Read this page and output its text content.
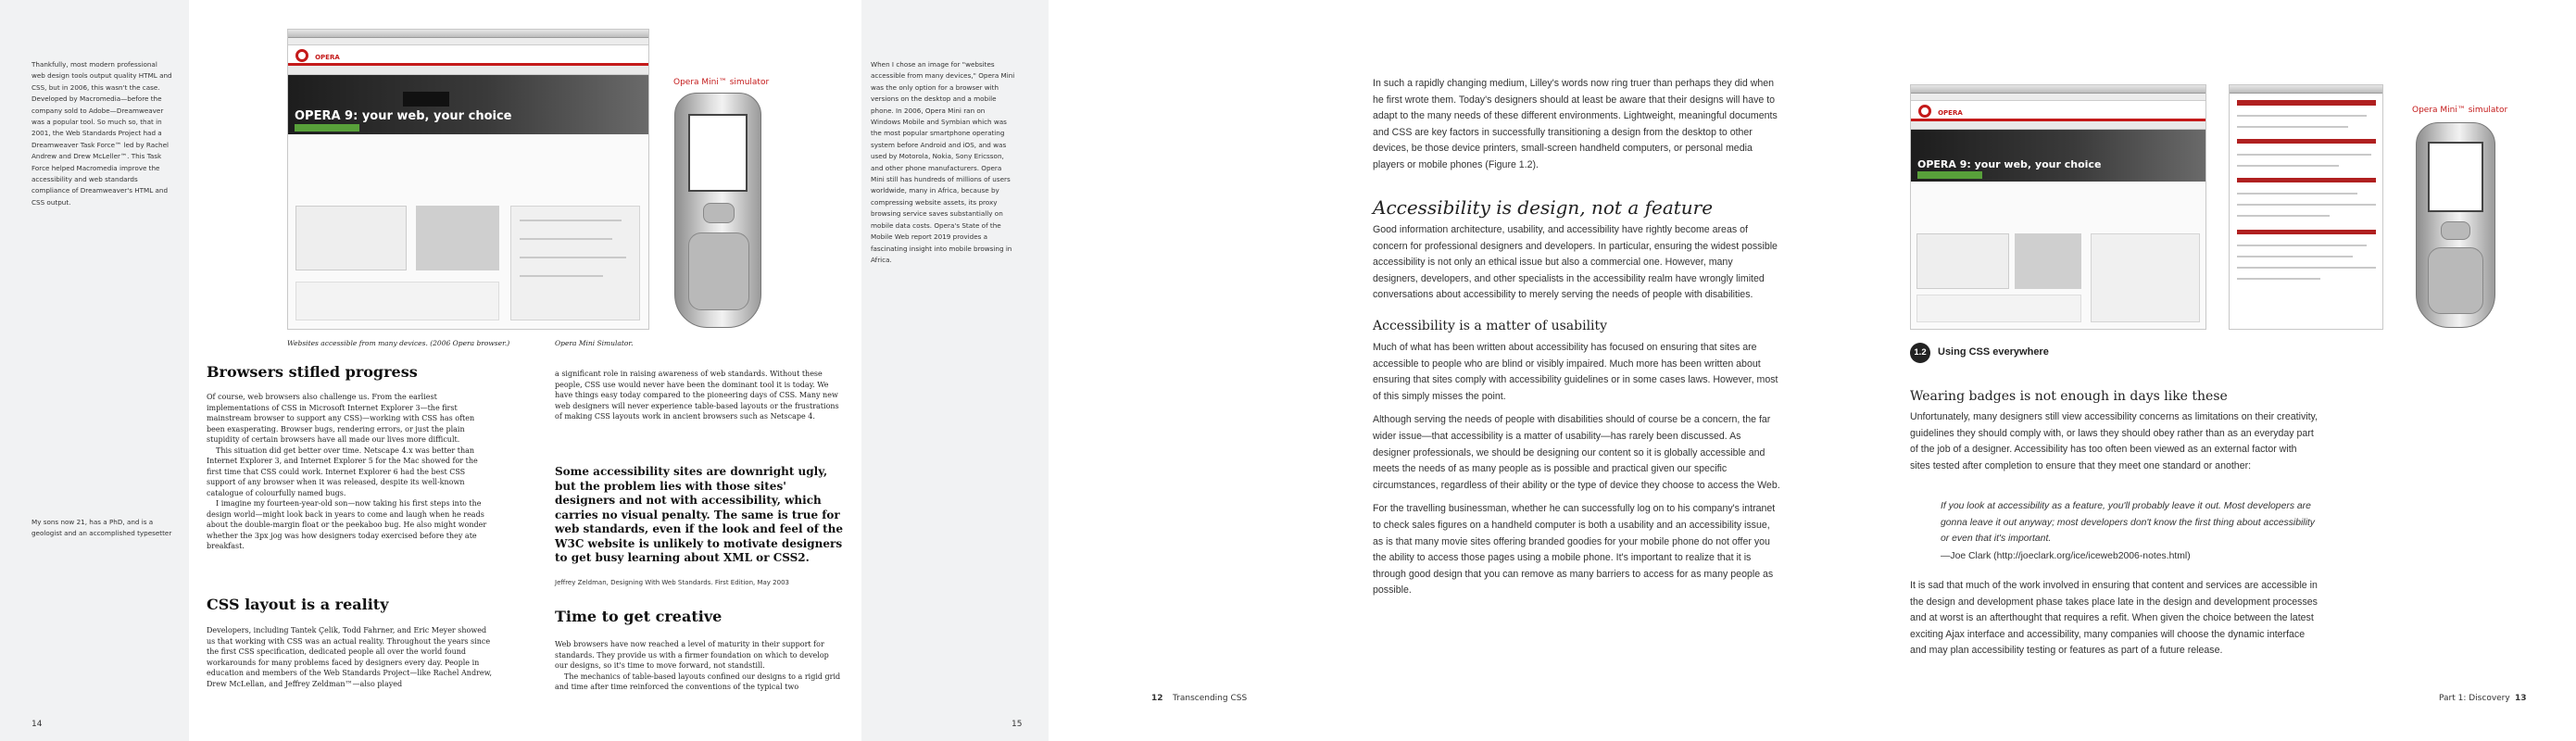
Thankfully, most modern professional web design tools output quality HTML and CSS, but in 2006, this wasn't the case. Developed by Macromedia—before the company sold to Adobe—Dreamweaver was a popular tool. So much so, that in 2001, the Web Standards Project had a Dreamweaver Task Force™ led by Rachel Andrew and Drew McLeller™. This Task Force helped Macromedia improve the accessibility and web standards compliance of Dreamweaver's HTML and CSS output.
My sons now 21, has a PhD, and is a geologist and an accomplished typesetter
When I chose an image for "websites accessible from many devices," Opera Mini was the only option for a browser with versions on the desktop and a mobile phone. In 2006, Opera Mini ran on Windows Mobile and Symbian which was the most popular smartphone operating system before Android and iOS, and was used by Motorola, Nokia, Sony Ericsson, and other phone manufacturers. Opera Mini still has hundreds of millions of users worldwide, many in Africa, because by compressing website assets, its proxy browsing service saves substantially on mobile data costs. Opera's State of the Mobile Web report 2019 provides a fascinating insight into mobile browsing in Africa.
OPERA
OPERA 9: your web, your choice
Opera Mini™ simulator
Websites accessible from many devices. (2006 Opera browser.)	Opera Mini Simulator.
Browsers stifled progress

Of course, web browsers also challenge us. From the earliest implementations of CSS in Microsoft Internet Explorer 3—the first mainstream browser to support any CSS)—working with CSS has often been exasperating. Browser bugs, rendering errors, or just the plain stupidity of certain browsers have all made our lives more difficult.

This situation did get better over time. Netscape 4.x was better than Internet Explorer 3, and Internet Explorer 5 for the Mac showed for the first time that CSS could work. Internet Explorer 6 had the best CSS support of any browser when it was released, despite its well-known catalogue of colourfully named bugs.

I imagine my fourteen-year-old son—now taking his first steps into the design world—might look back in years to come and laugh when he reads about the double-margin float or the peekaboo bug. He also might wonder whether the 3px jog was how designers today exercised before they ate breakfast.

CSS layout is a reality

Developers, including Tantek Çelik, Todd Fahrner, and Eric Meyer showed us that working with CSS was an actual reality. Throughout the years since the first CSS specification, dedicated people all over the world found workarounds for many problems faced by designers every day. People in education and members of the Web Standards Project—like Rachel Andrew, Drew McLellan, and Jeffrey Zeldman™—also played

a significant role in raising awareness of web standards. Without these people, CSS use would never have been the dominant tool it is today. We have things easy today compared to the pioneering days of CSS. Many new web designers will never experience table-based layouts or the frustrations of making CSS layouts work in ancient browsers such as Netscape 4.

Some accessibility sites are downright ugly, but the problem lies with those sites' designers and not with accessibility, which carries no visual penalty. The same is true for web standards, even if the look and feel of the W3C website is unlikely to motivate designers to get busy learning about XML or CSS2.
Jeffrey Zeldman, Designing With Web Standards. First Edition, May 2003
Time to get creative

Web browsers have now reached a level of maturity in their support for standards. They provide us with a firmer foundation on which to develop our designs, so it's time to move forward, not standstill.

The mechanics of table-based layouts confined our designs to a rigid grid and time after time reinforced the conventions of the typical two

14	15

In such a rapidly changing medium, Lilley's words now ring truer than perhaps they did when he first wrote them. Today's designers should at least be aware that their designs will have to adapt to the many needs of these different environments. Lightweight, meaningful documents and CSS are key factors in successfully transitioning a design from the desktop to other devices, be those device printers, small-screen handheld computers, or personal media players or mobile phones (Figure 1.2).

Accessibility is design, not a feature

Good information architecture, usability, and accessibility have rightly become areas of concern for professional designers and developers. In particular, ensuring the widest possible accessibility is not only an ethical issue but also a commercial one. However, many designers, developers, and other specialists in the accessibility realm have wrongly limited conversations about accessibility to merely serving the needs of people with disabilities.

Accessibility is a matter of usability

Much of what has been written about accessibility has focused on ensuring that sites are accessible to people who are blind or visibly impaired. Much more has been written about ensuring that sites comply with accessibility guidelines or in some cases laws. However, most of this simply misses the point.

Although serving the needs of people with disabilities should of course be a concern, the far wider issue—that accessibility is a matter of usability—has rarely been discussed. As designer professionals, we should be designing our content so it is globally accessible and meets the needs of as many people as is possible and practical given our specific circumstances, regardless of their ability or the type of device they choose to access the Web.

For the travelling businessman, whether he can successfully log on to his company's intranet to check sales figures on a handheld computer is both a usability and an accessibility issue, as is that many movie sites offering branded goodies for your mobile phone do not offer you the ability to access those pages using a mobile phone. It's important to realize that it is through good design that you can remove as many barriers to access for as many people as possible.

12 Transcending CSS
OPERA
OPERA 9: your web, your choice
Opera Mini™ simulator
1.2	Using CSS everywhere
Wearing badges is not enough in days like these

Unfortunately, many designers still view accessibility concerns as limitations on their creativity, guidelines they should comply with, or laws they should obey rather than as an everyday part of the job of a designer. Accessibility has too often been viewed as an external factor with sites tested after completion to ensure that they meet one standard or another:

If you look at accessibility as a feature, you'll probably leave it out. Most developers are gonna leave it out anyway; most developers don't know the first thing about accessibility or even that it's important.
—Joe Clark (http://joeclark.org/ice/iceweb2006-notes.html)

It is sad that much of the work involved in ensuring that content and services are accessible in the design and development phase takes place late in the design and development processes and at worst is an afterthought that requires a refit. When given the choice between the latest exciting Ajax interface and accessibility, many companies will choose the dynamic interface and may plan accessibility testing or features as part of a future release.

Part 1: Discovery 13
